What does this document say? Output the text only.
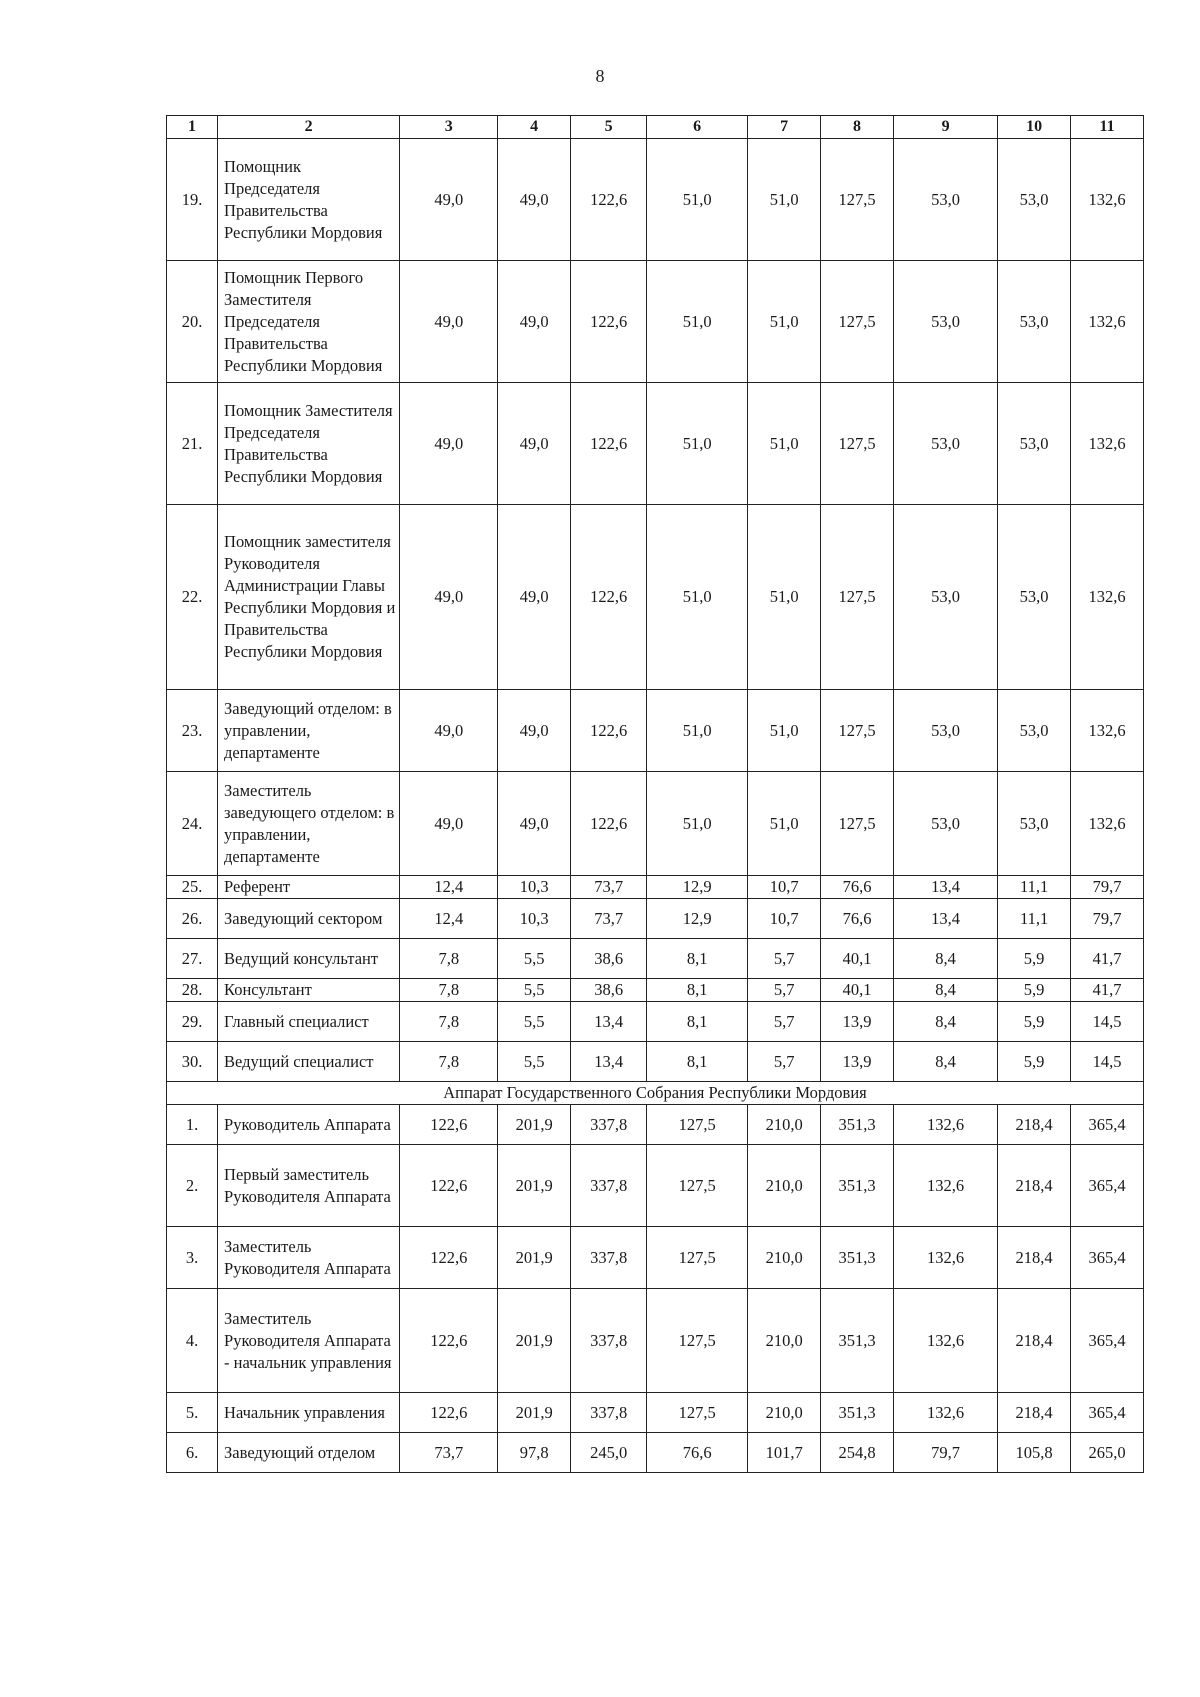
8
1	2	3	4	5	6	7	8	9	10	11
19.	Помощник Председателя Правительства Республики Мордовия	49,0	49,0	122,6	51,0	51,0	127,5	53,0	53,0	132,6
20.	Помощник Первого Заместителя Председателя Правительства Республики Мордовия	49,0	49,0	122,6	51,0	51,0	127,5	53,0	53,0	132,6
21.	Помощник Заместителя Председателя Правительства Республики Мордовия	49,0	49,0	122,6	51,0	51,0	127,5	53,0	53,0	132,6
22.	Помощник заместителя Руководителя Администрации Главы Республики Мордовия и Правительства Республики Мордовия	49,0	49,0	122,6	51,0	51,0	127,5	53,0	53,0	132,6
23.	Заведующий отделом: в управлении, департаменте	49,0	49,0	122,6	51,0	51,0	127,5	53,0	53,0	132,6
24.	Заместитель заведующего отделом: в управлении, департаменте	49,0	49,0	122,6	51,0	51,0	127,5	53,0	53,0	132,6
25.	Референт	12,4	10,3	73,7	12,9	10,7	76,6	13,4	11,1	79,7
26.	Заведующий сектором	12,4	10,3	73,7	12,9	10,7	76,6	13,4	11,1	79,7
27.	Ведущий консультант	7,8	5,5	38,6	8,1	5,7	40,1	8,4	5,9	41,7
28.	Консультант	7,8	5,5	38,6	8,1	5,7	40,1	8,4	5,9	41,7
29.	Главный специалист	7,8	5,5	13,4	8,1	5,7	13,9	8,4	5,9	14,5
30.	Ведущий специалист	7,8	5,5	13,4	8,1	5,7	13,9	8,4	5,9	14,5
Аппарат Государственного Собрания Республики Мордовия										
1.	Руководитель Аппарата	122,6	201,9	337,8	127,5	210,0	351,3	132,6	218,4	365,4
2.	Первый заместитель Руководителя Аппарата	122,6	201,9	337,8	127,5	210,0	351,3	132,6	218,4	365,4
3.	Заместитель Руководителя Аппарата	122,6	201,9	337,8	127,5	210,0	351,3	132,6	218,4	365,4
4.	Заместитель Руководителя Аппарата - начальник управления	122,6	201,9	337,8	127,5	210,0	351,3	132,6	218,4	365,4
5.	Начальник управления	122,6	201,9	337,8	127,5	210,0	351,3	132,6	218,4	365,4
6.	Заведующий отделом	73,7	97,8	245,0	76,6	101,7	254,8	79,7	105,8	265,0
